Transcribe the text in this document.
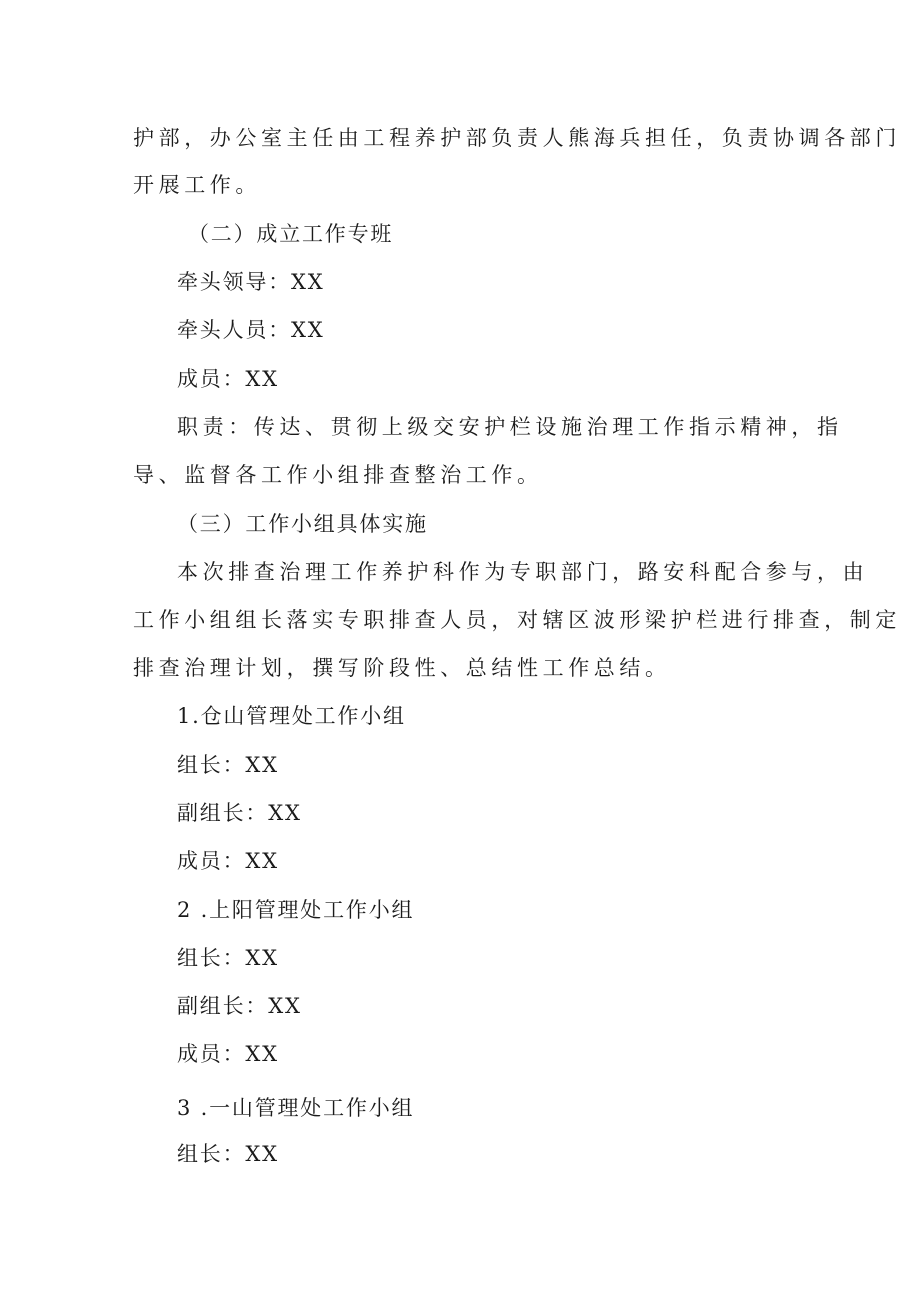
护部，办公室主任由工程养护部负责人熊海兵担任，负责协调各部门
开展工作。
（二）成立工作专班
牵头领导：XX
牵头人员：XX
成员：XX
职责：传达、贯彻上级交安护栏设施治理工作指示精神，指
导、监督各工作小组排查整治工作。
（三）工作小组具体实施
本次排查治理工作养护科作为专职部门，路安科配合参与，由
工作小组组长落实专职排查人员，对辖区波形梁护栏进行排查，制定
排查治理计划，撰写阶段性、总结性工作总结。
1.仓山管理处工作小组
组长：XX
副组长：XX
成员：XX
2 .上阳管理处工作小组
组长：XX
副组长：XX
成员：XX
3 .一山管理处工作小组
组长：XX
